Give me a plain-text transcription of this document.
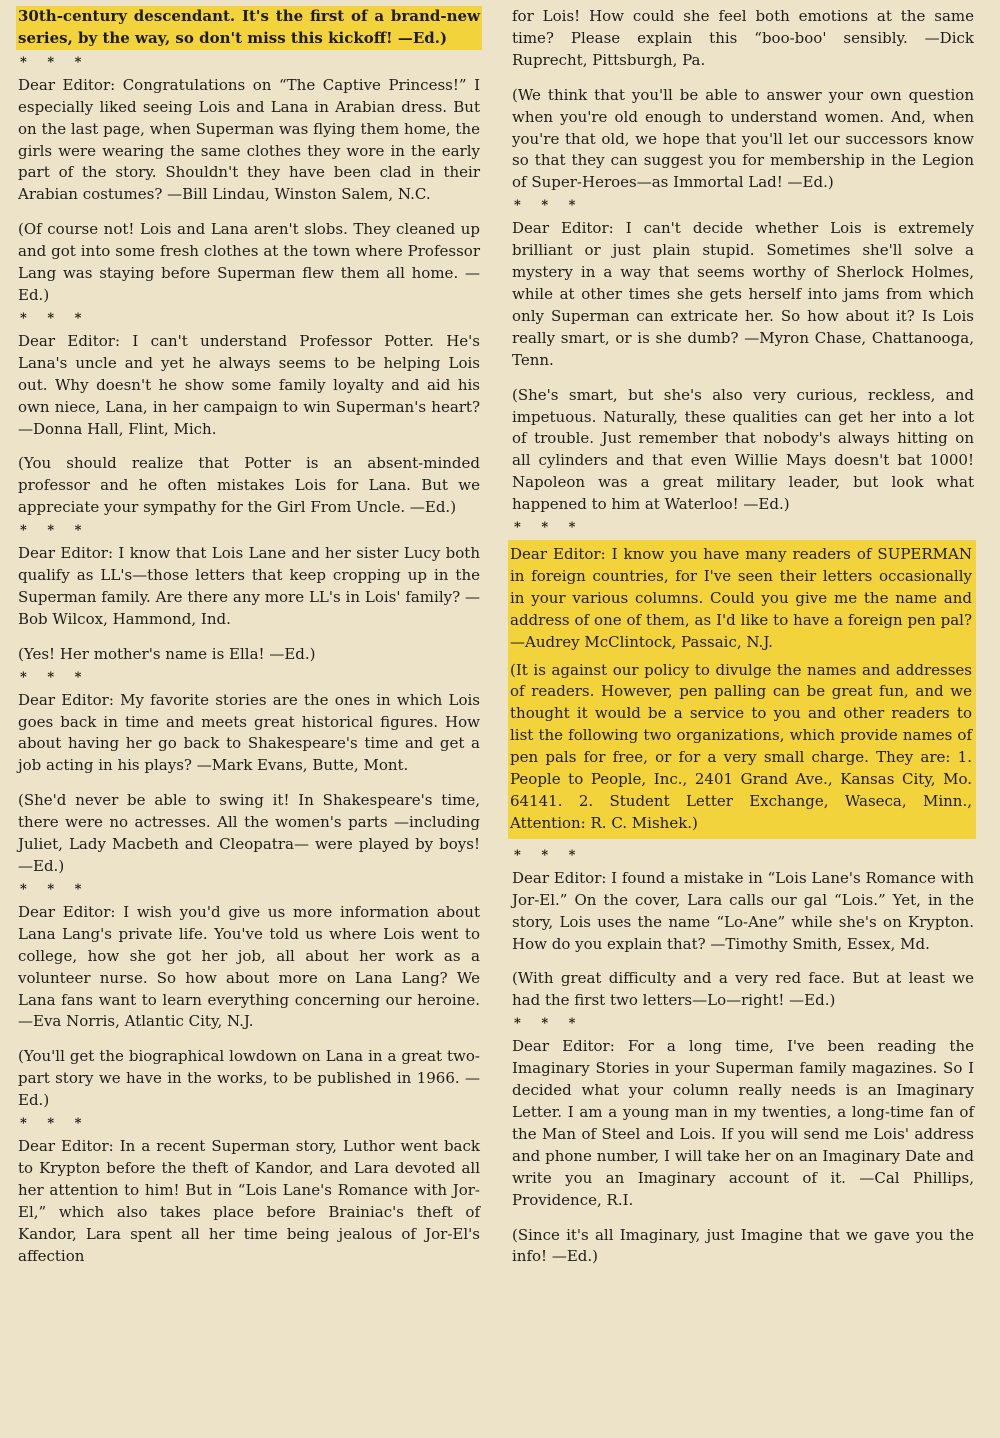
30th-century descendant. It's the first of a brand-new series, by the way, so don't miss this kickoff! —Ed.)

* * *

Dear Editor: Congratulations on “The Captive Princess!” I especially liked seeing Lois and Lana in Arabian dress. But on the last page, when Superman was flying them home, the girls were wearing the same clothes they wore in the early part of the story. Shouldn't they have been clad in their Arabian costumes? —Bill Lindau, Winston Salem, N.C.

(Of course not! Lois and Lana aren't slobs. They cleaned up and got into some fresh clothes at the town where Professor Lang was staying before Superman flew them all home. —Ed.)

* * *

Dear Editor: I can't understand Professor Potter. He's Lana's uncle and yet he always seems to be helping Lois out. Why doesn't he show some family loyalty and aid his own niece, Lana, in her campaign to win Superman's heart? —Donna Hall, Flint, Mich.

(You should realize that Potter is an absent-minded professor and he often mistakes Lois for Lana. But we appreciate your sympathy for the Girl From Uncle. —Ed.)

* * *

Dear Editor: I know that Lois Lane and her sister Lucy both qualify as LL's—those letters that keep cropping up in the Superman family. Are there any more LL's in Lois' family? —Bob Wilcox, Hammond, Ind.

(Yes! Her mother's name is Ella! —Ed.)

* * *

Dear Editor: My favorite stories are the ones in which Lois goes back in time and meets great historical figures. How about having her go back to Shakespeare's time and get a job acting in his plays? —Mark Evans, Butte, Mont.

(She'd never be able to swing it! In Shakespeare's time, there were no actresses. All the women's parts —including Juliet, Lady Macbeth and Cleopatra— were played by boys! —Ed.)

* * *

Dear Editor: I wish you'd give us more information about Lana Lang's private life. You've told us where Lois went to college, how she got her job, all about her work as a volunteer nurse. So how about more on Lana Lang? We Lana fans want to learn everything concerning our heroine. —Eva Norris, Atlantic City, N.J.

(You'll get the biographical lowdown on Lana in a great two-part story we have in the works, to be published in 1966. —Ed.)

* * *

Dear Editor: In a recent Superman story, Luthor went back to Krypton before the theft of Kandor, and Lara devoted all her attention to him! But in “Lois Lane's Romance with Jor-El,” which also takes place before Brainiac's theft of Kandor, Lara spent all her time being jealous of Jor-El's affection

for Lois! How could she feel both emotions at the same time? Please explain this “boo-boo' sensibly. —Dick Ruprecht, Pittsburgh, Pa.

(We think that you'll be able to answer your own question when you're old enough to understand women. And, when you're that old, we hope that you'll let our successors know so that they can suggest you for membership in the Legion of Super-Heroes—as Immortal Lad! —Ed.)

* * *

Dear Editor: I can't decide whether Lois is extremely brilliant or just plain stupid. Sometimes she'll solve a mystery in a way that seems worthy of Sherlock Holmes, while at other times she gets herself into jams from which only Superman can extricate her. So how about it? Is Lois really smart, or is she dumb? —Myron Chase, Chattanooga, Tenn.

(She's smart, but she's also very curious, reckless, and impetuous. Naturally, these qualities can get her into a lot of trouble. Just remember that nobody's always hitting on all cylinders and that even Willie Mays doesn't bat 1000! Napoleon was a great military leader, but look what happened to him at Waterloo! —Ed.)

* * *

Dear Editor: I know you have many readers of SUPERMAN in foreign countries, for I've seen their letters occasionally in your various columns. Could you give me the name and address of one of them, as I'd like to have a foreign pen pal? —Audrey McClintock, Passaic, N.J.

(It is against our policy to divulge the names and addresses of readers. However, pen palling can be great fun, and we thought it would be a service to you and other readers to list the following two organizations, which provide names of pen pals for free, or for a very small charge. They are: 1. People to People, Inc., 2401 Grand Ave., Kansas City, Mo. 64141. 2. Student Letter Exchange, Waseca, Minn., Attention: R. C. Mishek.)

* * *

Dear Editor: I found a mistake in “Lois Lane's Romance with Jor-El.” On the cover, Lara calls our gal “Lois.” Yet, in the story, Lois uses the name “Lo-Ane” while she's on Krypton. How do you explain that? —Timothy Smith, Essex, Md.

(With great difficulty and a very red face. But at least we had the first two letters—Lo—right! —Ed.)

* * *

Dear Editor: For a long time, I've been reading the Imaginary Stories in your Superman family magazines. So I decided what your column really needs is an Imaginary Letter. I am a young man in my twenties, a long-time fan of the Man of Steel and Lois. If you will send me Lois' address and phone number, I will take her on an Imaginary Date and write you an Imaginary account of it. —Cal Phillips, Providence, R.I.

(Since it's all Imaginary, just Imagine that we gave you the info! —Ed.)
